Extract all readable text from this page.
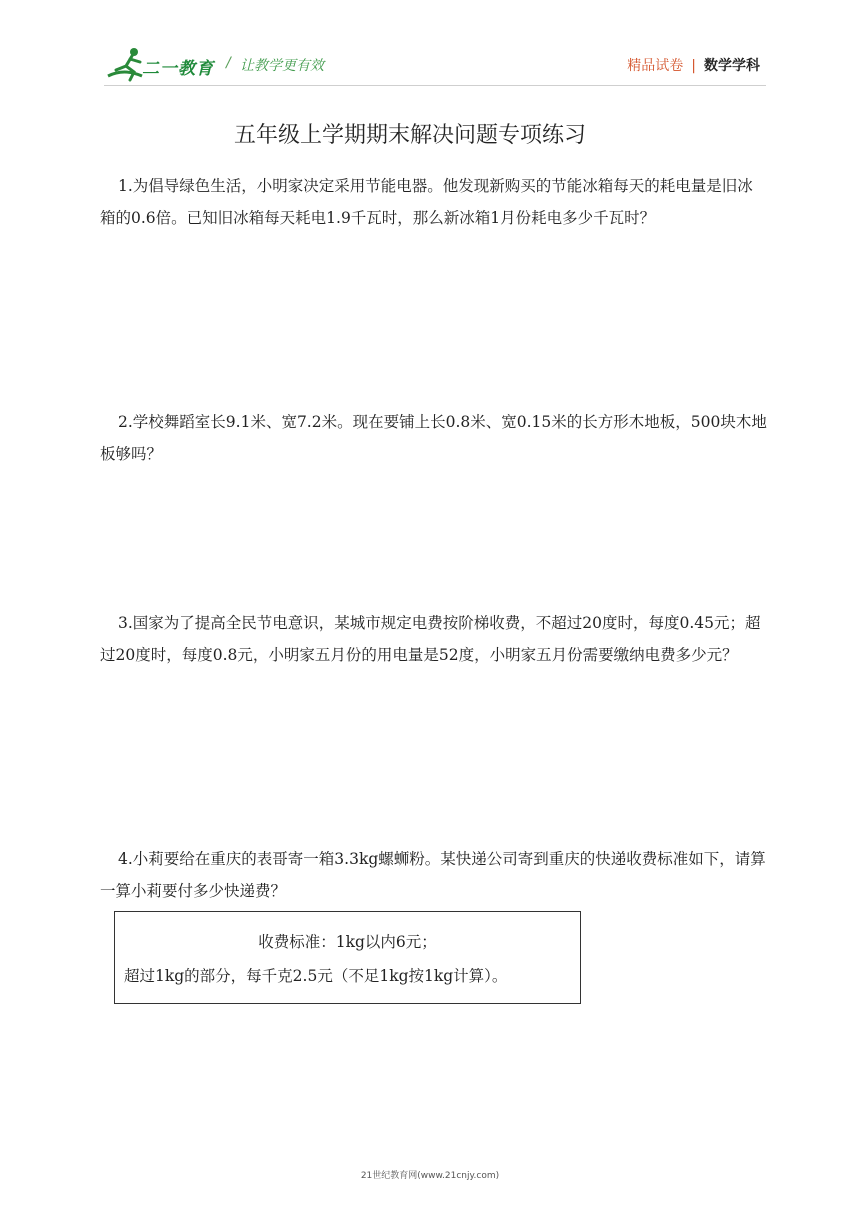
二一教育 / 让教学更有效	精品试卷 | 数学学科
五年级上学期期末解决问题专项练习
1.为倡导绿色生活，小明家决定采用节能电器。他发现新购买的节能冰箱每天的耗电量是旧冰箱的0.6倍。已知旧冰箱每天耗电1.9千瓦时，那么新冰箱1月份耗电多少千瓦时？
2.学校舞蹈室长9.1米、宽7.2米。现在要铺上长0.8米、宽0.15米的长方形木地板，500块木地板够吗？
3.国家为了提高全民节电意识，某城市规定电费按阶梯收费，不超过20度时，每度0.45元；超过20度时，每度0.8元，小明家五月份的用电量是52度，小明家五月份需要缴纳电费多少元？
4.小莉要给在重庆的表哥寄一箱3.3kg螺蛳粉。某快递公司寄到重庆的快递收费标准如下，请算一算小莉要付多少快递费？
收费标准：1kg以内6元；
超过1kg的部分，每千克2.5元（不足1kg按1kg计算）。
21世纪教育网(www.21cnjy.com)
